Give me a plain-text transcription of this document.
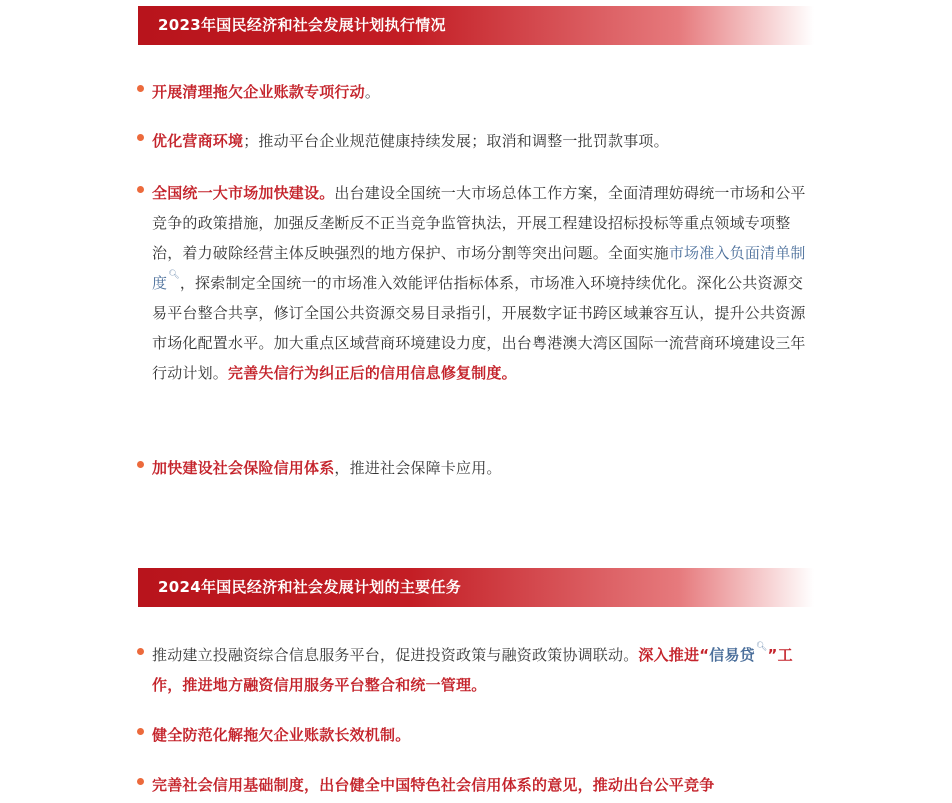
2023年国民经济和社会发展计划执行情况
开展清理拖欠企业账款专项行动。
优化营商环境；推动平台企业规范健康持续发展；取消和调整一批罚款事项。
全国统一大市场加快建设。出台建设全国统一大市场总体工作方案，全面清理妨碍统一市场和公平竞争的政策措施，加强反垄断反不正当竞争监管执法，开展工程建设招标投标等重点领域专项整治，着力破除经营主体反映强烈的地方保护、市场分割等突出问题。全面实施市场准入负面清单制度🔍︎，探索制定全国统一的市场准入效能评估指标体系，市场准入环境持续优化。深化公共资源交易平台整合共享，修订全国公共资源交易目录指引，开展数字证书跨区域兼容互认，提升公共资源市场化配置水平。加大重点区域营商环境建设力度，出台粤港澳大湾区国际一流营商环境建设三年行动计划。完善失信行为纠正后的信用信息修复制度。
加快建设社会保险信用体系，推进社会保障卡应用。
2024年国民经济和社会发展计划的主要任务
推动建立投融资综合信息服务平台，促进投资政策与融资政策协调联动。深入推进“信易贷🔍︎”工作，推进地方融资信用服务平台整合和统一管理。
健全防范化解拖欠企业账款长效机制。
完善社会信用基础制度，出台健全中国特色社会信用体系的意见，推动出台公平竞争
